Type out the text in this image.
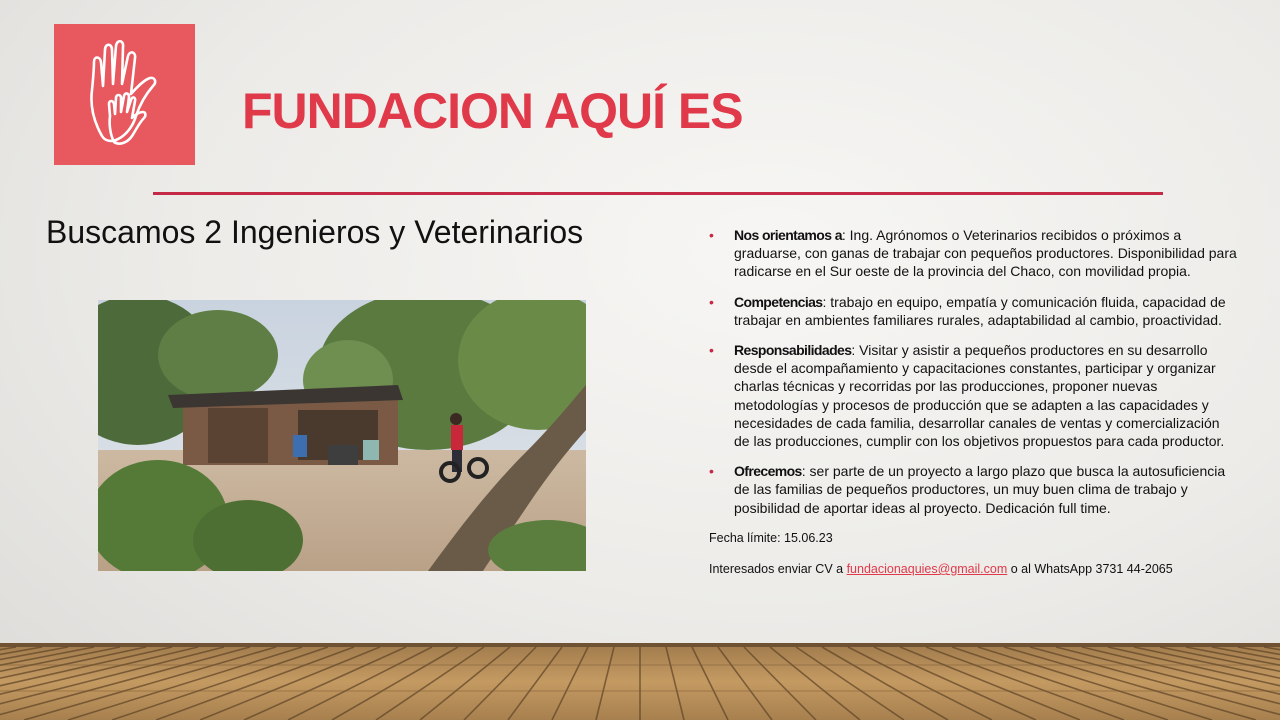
FUNDACION AQUÍ ES
Buscamos 2 Ingenieros y Veterinarios	• Nos orientamos a: Ing. Agrónomos o Veterinarios recibidos o próximos a graduarse, con ganas de trabajar con pequeños productores. Disponibilidad para radicarse en el Sur oeste de la provincia del Chaco, con movilidad propia.
• Competencias: trabajo en equipo, empatía y comunicación fluida, capacidad de trabajar en ambientes familiares rurales, adaptabilidad al cambio, proactividad.
• Responsabilidades: Visitar y asistir a pequeños productores en su desarrollo desde el acompañamiento y capacitaciones constantes, participar y organizar charlas técnicas y recorridas por las producciones, proponer nuevas metodologías y procesos de producción que se adapten a las capacidades y necesidades de cada familia, desarrollar canales de ventas y comercialización de las producciones, cumplir con los objetivos propuestos para cada productor.
• Ofrecemos: ser parte de un proyecto a largo plazo que busca la autosuficiencia de las familias de pequeños productores, un muy buen clima de trabajo y posibilidad de aportar ideas al proyecto. Dedicación full time.
Fecha límite: 15.06.23
Interesados enviar CV a fundacionaquies@gmail.com o al WhatsApp 3731 44-2065
